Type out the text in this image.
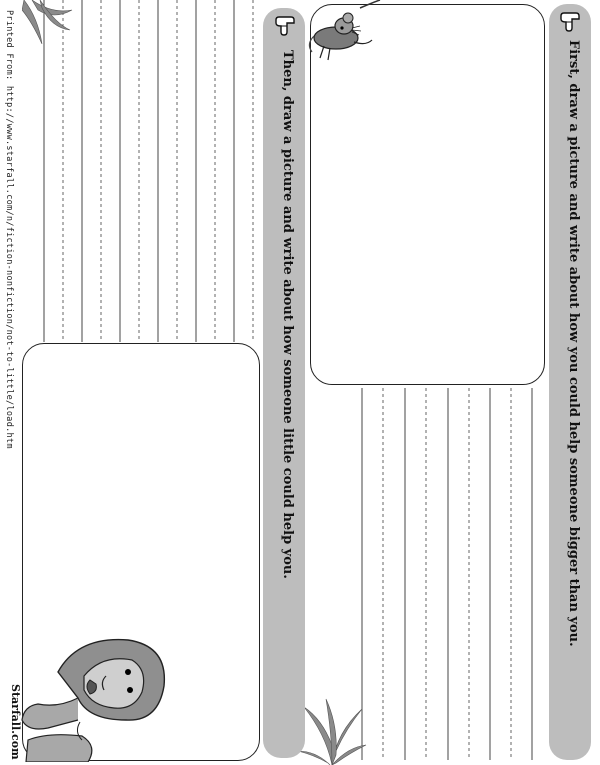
First, draw a picture and write about how you could help someone bigger than you.
Then, draw a picture and write about how someone little could help you.
Printed From: http://www.starfall.com/n/fiction-nonfiction/not-to-little/load.htm
Starfall.com
